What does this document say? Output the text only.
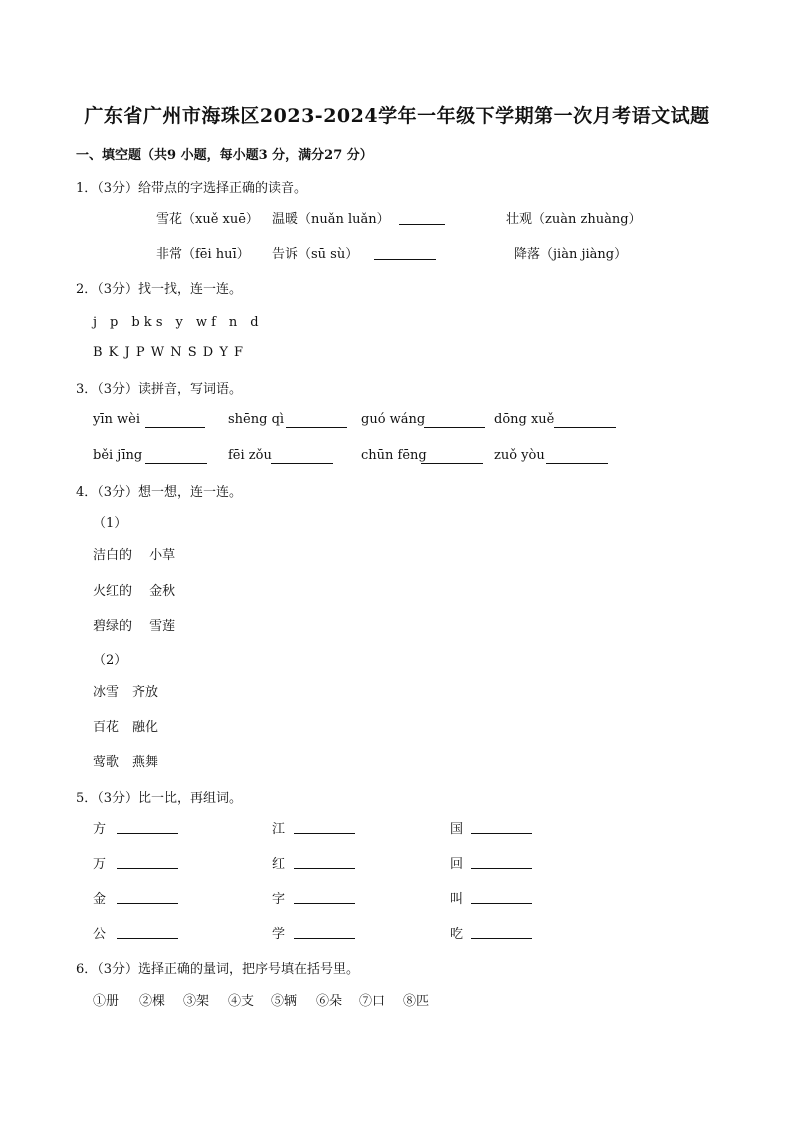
广东省广州市海珠区2023-2024学年一年级下学期第一次月考语文试题
一、填空题（共9 小题，每小题3 分，满分27 分）
1．（3分）给带点的字选择正确的读音。
雪花（xuě xuē） 温暖（nuǎn luǎn）	壮观（zuàn zhuàng）
非常（fēi huī） 告诉（sū sù）	降落（jiàn jiàng）
2．（3分）找一找，连一连。
j　p　b k s　y　w f　n　d
B K J P W N S D Y F
3．（3分）读拼音，写词语。
yīn wèi	shēng qì	guó wáng	dōng xuě
běi jīng	fēi zǒu	chūn fēng	zuǒ yòu
4．（3分）想一想，连一连。
（1）
洁白的　 小草
火红的　 金秋
碧绿的　 雪莲
（2）
冰雪　齐放
百花　融化
莺歌　燕舞
5．（3分）比一比，再组词。
方	江	国
万	红	回
金	字	叫
公	学	吃
6．（3分）选择正确的量词，把序号填在括号里。
①册 ②棵 ③架 ④支 ⑤辆 ⑥朵 ⑦口 ⑧匹
